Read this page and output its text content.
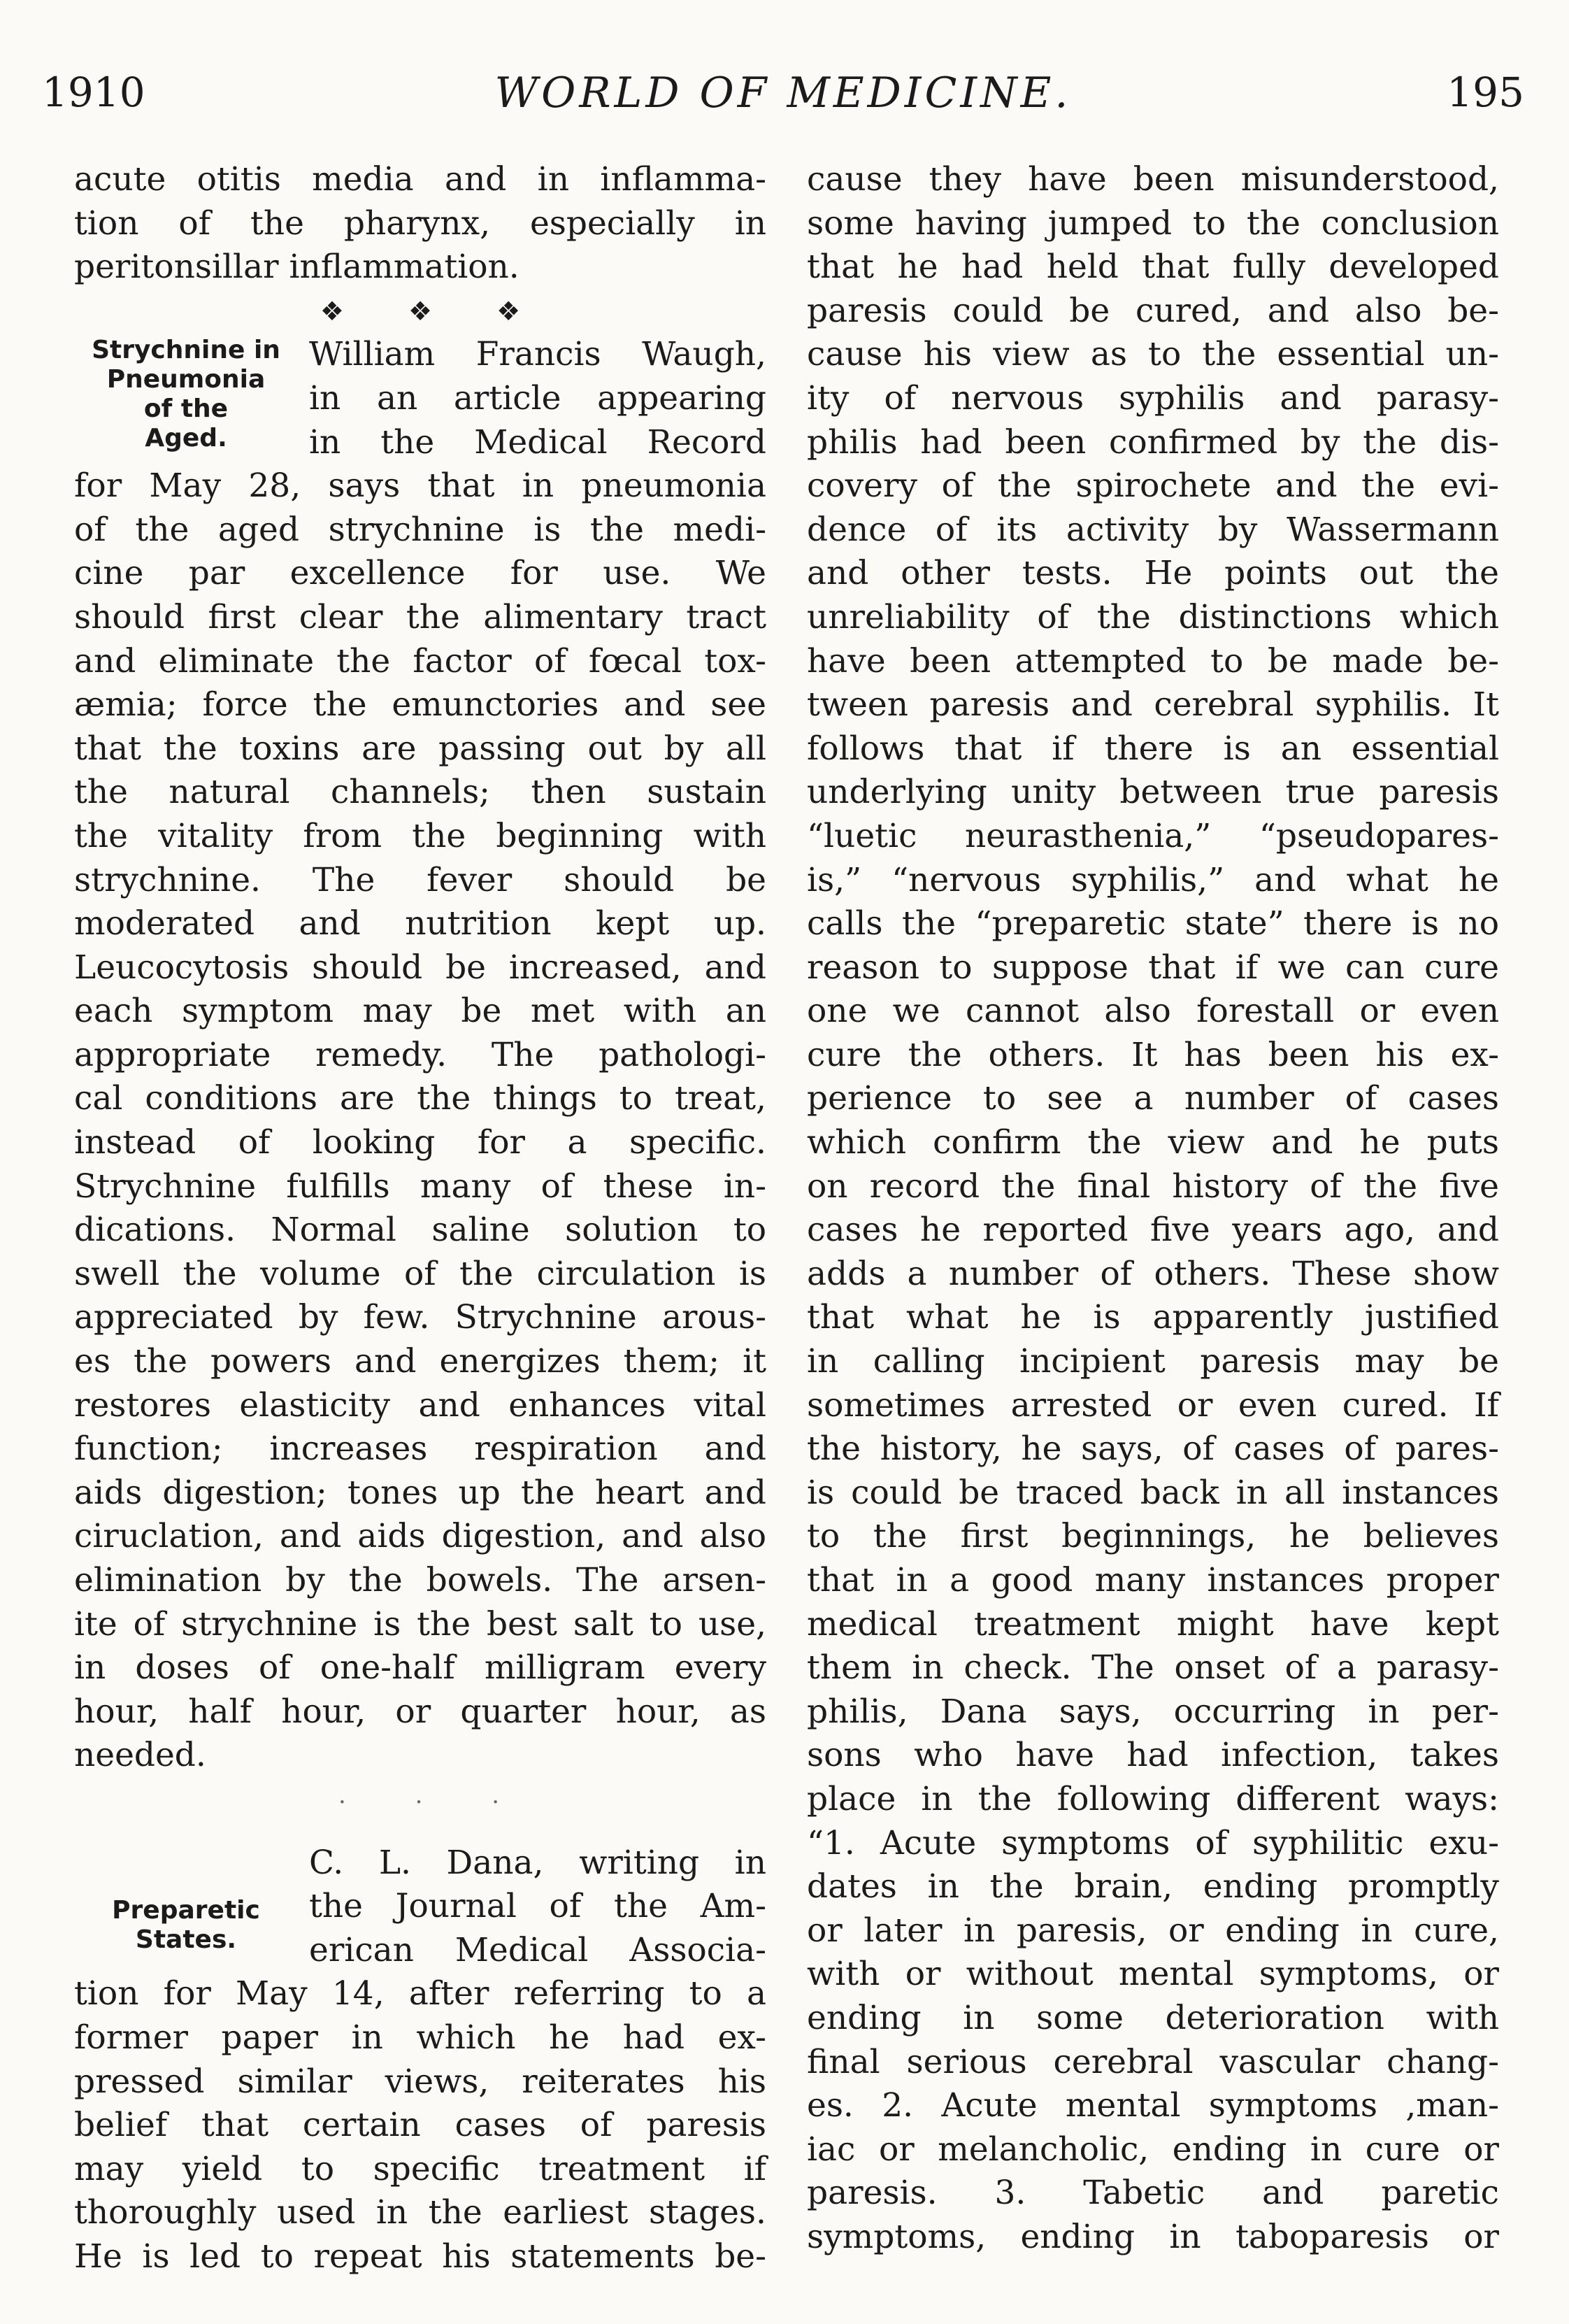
1910	WORLD OF MEDICINE.	195
acute otitis media and in inflamma-
tion of the pharynx, especially in
peritonsillar inflammation.
❖ ❖ ❖
Strychnine in
Pneumonia
of the
Aged.
William Francis Waugh,
in an article appearing
in the Medical Record
for May 28, says that in pneumonia
of the aged strychnine is the medi-
cine par excellence for use. We
should first clear the alimentary tract
and eliminate the factor of fœcal tox-
æmia; force the emunctories and see
that the toxins are passing out by all
the natural channels; then sustain
the vitality from the beginning with
strychnine. The fever should be
moderated and nutrition kept up.
Leucocytosis should be increased, and
each symptom may be met with an
appropriate remedy. The pathologi-
cal conditions are the things to treat,
instead of looking for a specific.
Strychnine fulfills many of these in-
dications. Normal saline solution to
swell the volume of the circulation is
appreciated by few. Strychnine arous-
es the powers and energizes them; it
restores elasticity and enhances vital
function; increases respiration and
aids digestion; tones up the heart and
ciruclation, and aids digestion, and also
elimination by the bowels. The arsen-
ite of strychnine is the best salt to use,
in doses of one-half milligram every
hour, half hour, or quarter hour, as
needed.
· · ·
Preparetic
States.
C. L. Dana, writing in
the Journal of the Am-
erican Medical Associa-
tion for May 14, after referring to a
former paper in which he had ex-
pressed similar views, reiterates his
belief that certain cases of paresis
may yield to specific treatment if
thoroughly used in the earliest stages.
He is led to repeat his statements be-
cause they have been misunderstood,
some having jumped to the conclusion
that he had held that fully developed
paresis could be cured, and also be-
cause his view as to the essential un-
ity of nervous syphilis and parasy-
philis had been confirmed by the dis-
covery of the spirochete and the evi-
dence of its activity by Wassermann
and other tests. He points out the
unreliability of the distinctions which
have been attempted to be made be-
tween paresis and cerebral syphilis. It
follows that if there is an essential
underlying unity between true paresis
“luetic neurasthenia,” “pseudopares-
is,” “nervous syphilis,” and what he
calls the “preparetic state” there is no
reason to suppose that if we can cure
one we cannot also forestall or even
cure the others. It has been his ex-
perience to see a number of cases
which confirm the view and he puts
on record the final history of the five
cases he reported five years ago, and
adds a number of others. These show
that what he is apparently justified
in calling incipient paresis may be
sometimes arrested or even cured. If
the history, he says, of cases of pares-
is could be traced back in all instances
to the first beginnings, he believes
that in a good many instances proper
medical treatment might have kept
them in check. The onset of a parasy-
philis, Dana says, occurring in per-
sons who have had infection, takes
place in the following different ways:
“1. Acute symptoms of syphilitic exu-
dates in the brain, ending promptly
or later in paresis, or ending in cure,
with or without mental symptoms, or
ending in some deterioration with
final serious cerebral vascular chang-
es. 2. Acute mental symptoms ,man-
iac or melancholic, ending in cure or
paresis. 3. Tabetic and paretic
symptoms, ending in taboparesis or
